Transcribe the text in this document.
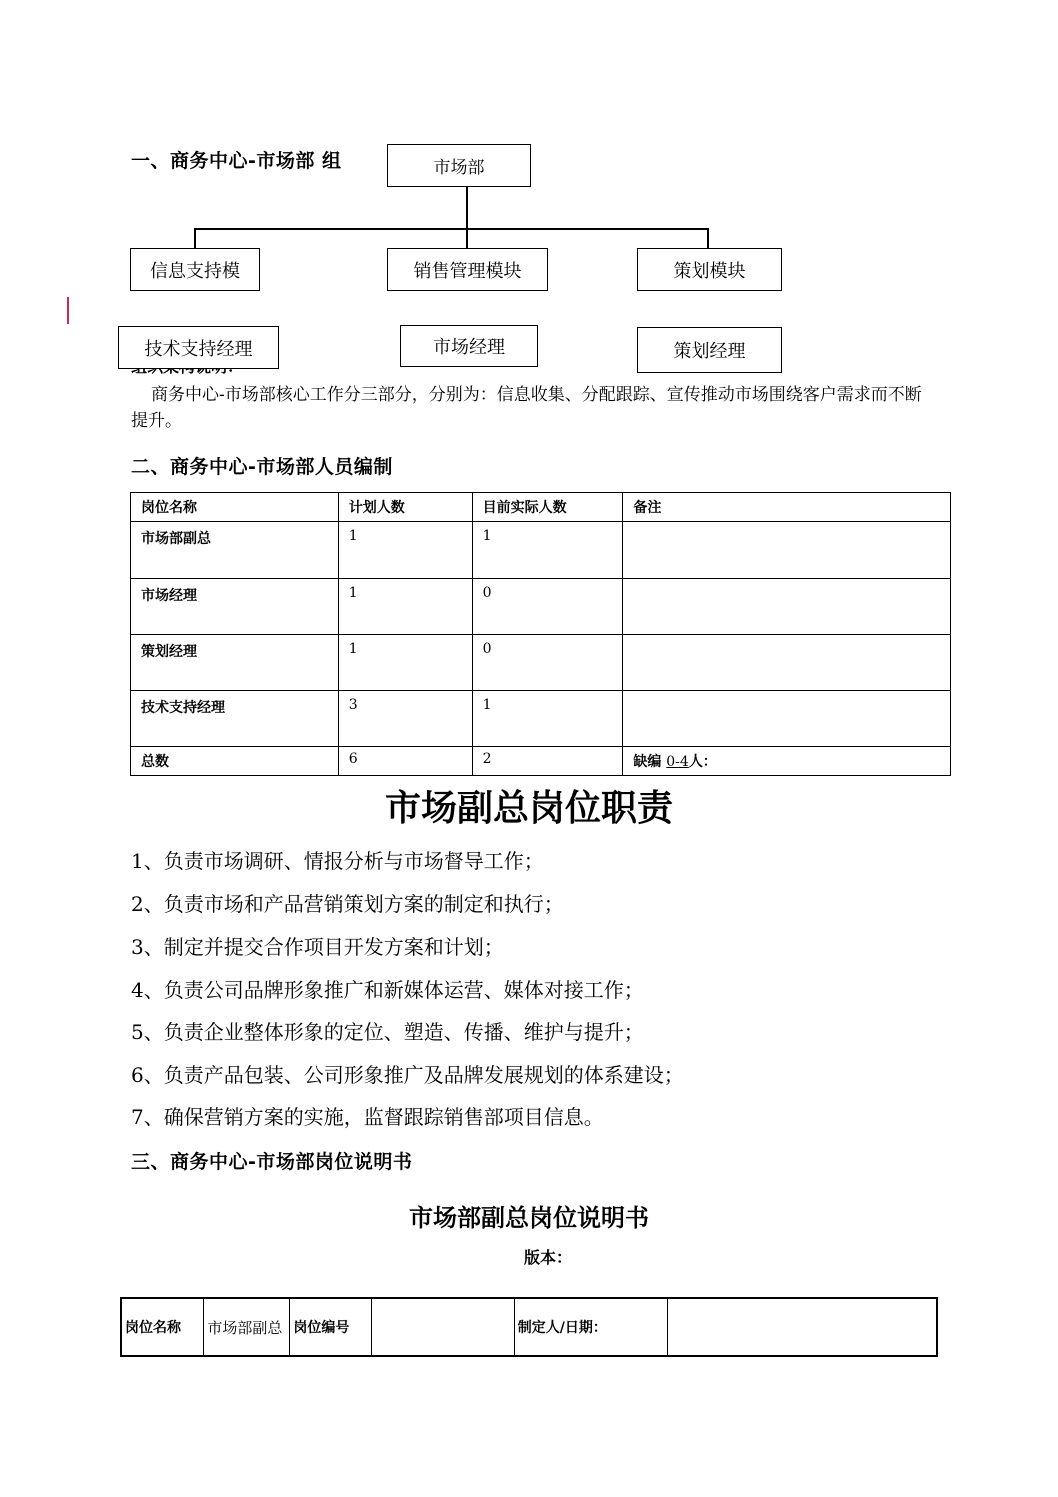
一、商务中心-市场部 组	市场部
信息支持模	销售管理模块	策划模块
商务中心-市场部核心工作分三部分，分别为：信息收集、分配跟踪、宣传推动市场围绕客户需求而不断提升。
技术支持经理	市场经理	策划经理
二、商务中心-市场部人员编制
岗位名称	计划人数	目前实际人数	备注
市场部副总	1	1	
市场经理	1	0	
策划经理	1	0	
技术支持经理	3	1	
总数	6	2	缺编 0-4人：
市场副总岗位职责
1、负责市场调研、情报分析与市场督导工作；
2、负责市场和产品营销策划方案的制定和执行；
3、制定并提交合作项目开发方案和计划；
4、负责公司品牌形象推广和新媒体运营、媒体对接工作；
5、负责企业整体形象的定位、塑造、传播、维护与提升；
6、负责产品包装、公司形象推广及品牌发展规划的体系建设；
7、确保营销方案的实施，监督跟踪销售部项目信息。
三、商务中心-市场部岗位说明书
市场部副总岗位说明书
版本：
岗位名称	市场部副总	岗位编号		制定人/日期：	
